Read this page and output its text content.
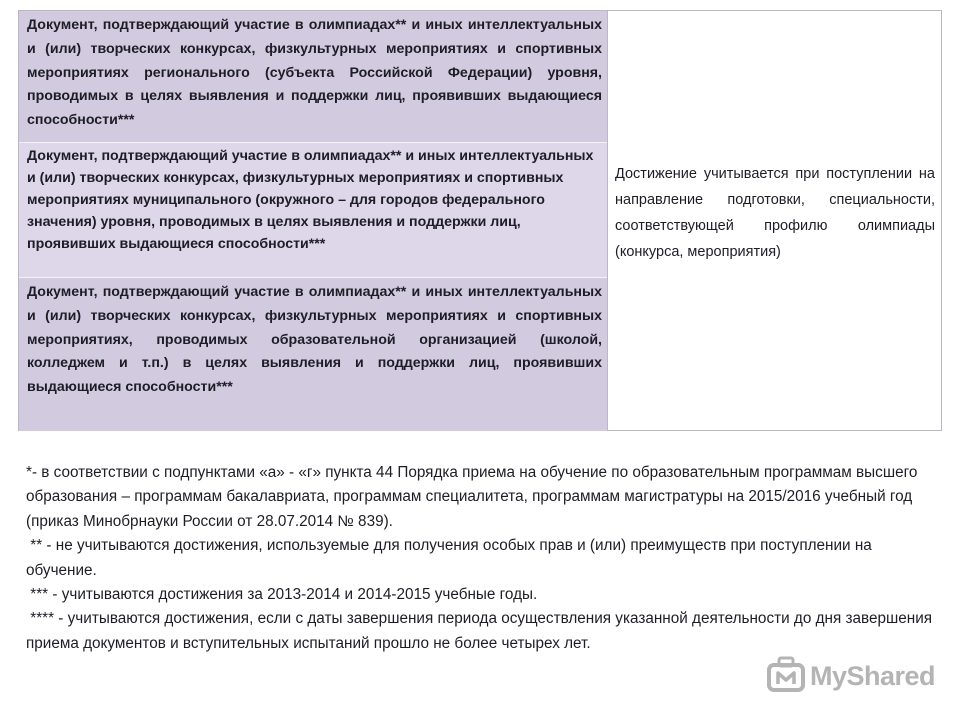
Документ, подтверждающий участие в олимпиадах** и иных интеллектуальных и (или) творческих конкурсах, физкультурных мероприятиях и спортивных мероприятиях регионального (субъекта Российской Федерации) уровня, проводимых в целях выявления и поддержки лиц, проявивших выдающиеся способности***
Документ, подтверждающий участие в олимпиадах** и иных интеллектуальных и (или) творческих конкурсах, физкультурных мероприятиях и спортивных мероприятиях муниципального (окружного – для городов федерального значения) уровня, проводимых в целях выявления и поддержки лиц, проявивших выдающиеся способности***
Документ, подтверждающий участие в олимпиадах** и иных интеллектуальных и (или) творческих конкурсах, физкультурных мероприятиях и спортивных мероприятиях, проводимых образовательной организацией (школой, колледжем и т.п.) в целях выявления и поддержки лиц, проявивших выдающиеся способности***
Достижение учитывается при поступлении на направление подготовки, специальности, соответствующей профилю олимпиады (конкурса, мероприятия)

*- в соответствии с подпунктами «а» - «г» пункта 44 Порядка приема на обучение по образовательным программам высшего образования – программам бакалавриата, программам специалитета, программам магистратуры на 2015/2016 учебный год (приказ Минобрнауки России от 28.07.2014 № 839).

** - не учитываются достижения, используемые для получения особых прав и (или) преимуществ при поступлении на обучение.

*** - учитываются достижения за 2013-2014 и 2014-2015 учебные годы.

**** - учитываются достижения, если с даты завершения периода осуществления указанной деятельности до дня завершения приема документов и вступительных испытаний прошло не более четырех лет.

MyShared
